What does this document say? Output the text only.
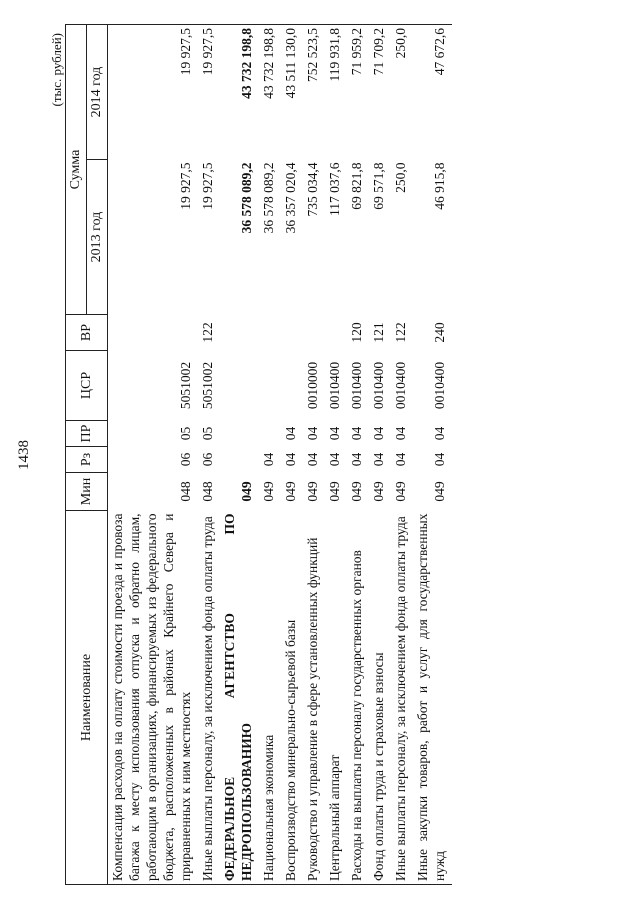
1438
(тыс. рублей)
Наименование	Мин	Рз	ПР	ЦСР	ВР	Сумма	
						2013 год	2014 год
Компенсация расходов на оплату стоимости проезда и провоза багажа к месту использования отпуска и обратно лицам, работающим в организациях, финансируемых из федерального бюджета, расположенных в районах Крайнего Севера и приравненных к ним местностях	048	06	05	5051002		19 927,5	19 927,5
Иные выплаты персоналу, за исключением фонда оплаты труда	048	06	05	5051002	122	19 927,5	19 927,5
ФЕДЕРАЛЬНОЕ АГЕНТСТВО ПО НЕДРОПОЛЬЗОВАНИЮ	049					36 578 089,2	43 732 198,8
Национальная экономика	049	04				36 578 089,2	43 732 198,8
Воспроизводство минерально-сырьевой базы	049	04	04			36 357 020,4	43 511 130,0
Руководство и управление в сфере установленных функций	049	04	04	0010000		735 034,4	752 523,5
Центральный аппарат	049	04	04	0010400		117 037,6	119 931,8
Расходы на выплаты персоналу государственных органов	049	04	04	0010400	120	69 821,8	71 959,2
Фонд оплаты труда и страховые взносы	049	04	04	0010400	121	69 571,8	71 709,2
Иные выплаты персоналу, за исключением фонда оплаты труда	049	04	04	0010400	122	250,0	250,0
Иные закупки товаров, работ и услуг для государственных нужд	049	04	04	0010400	240	46 915,8	47 672,6
